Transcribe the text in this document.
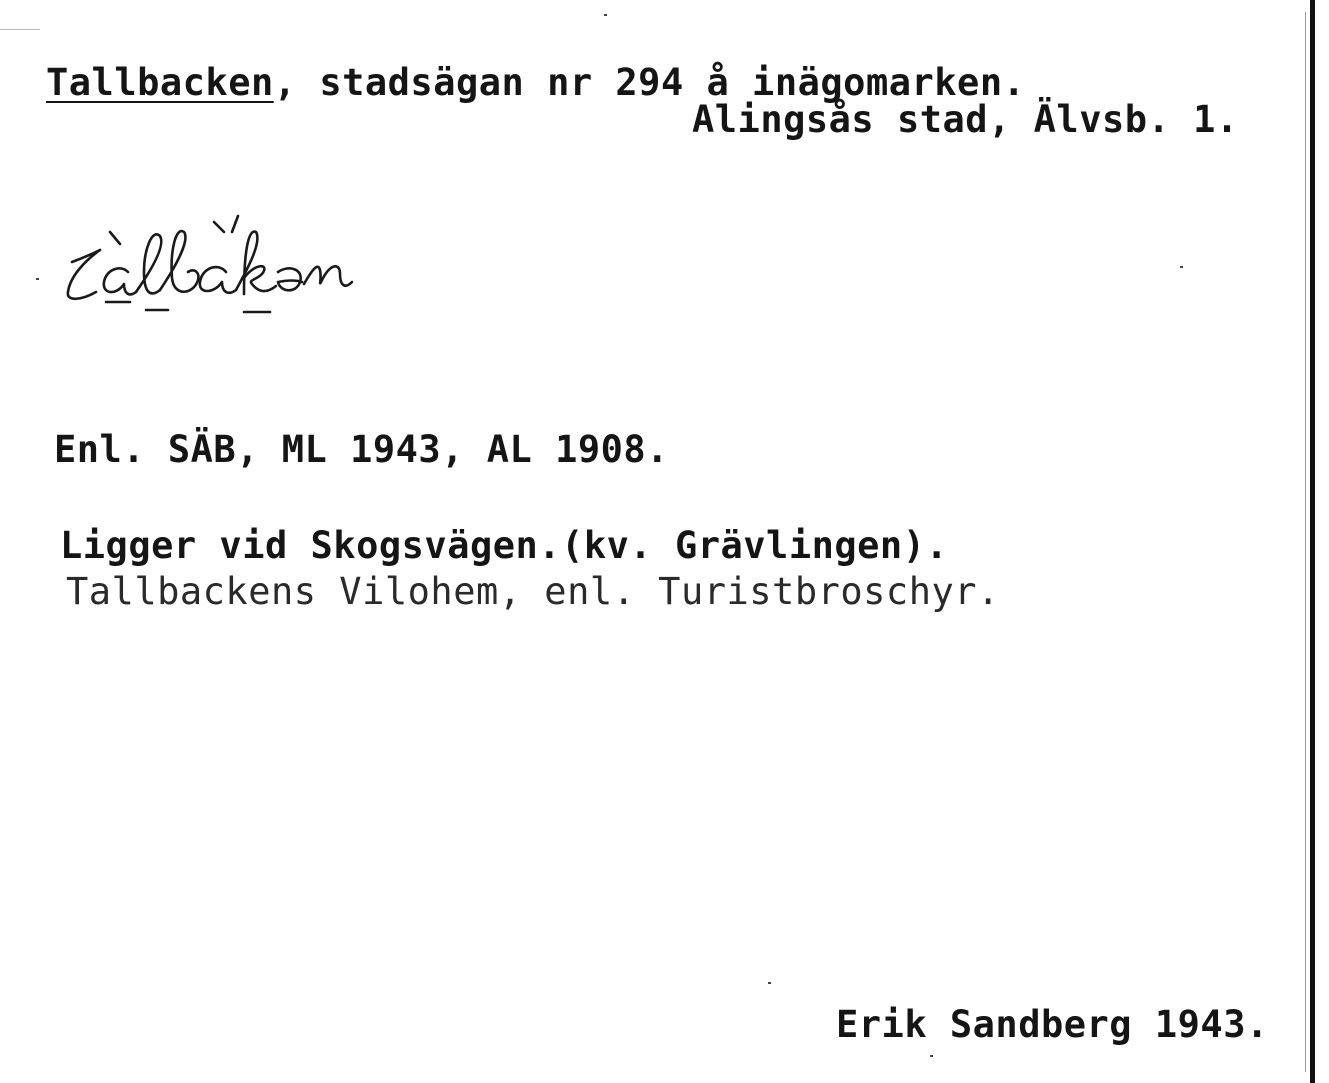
Tallbacken, stadsägan nr 294 å inägomarken.
Alingsås stad, Älvsb. 1.
Enl. SÄB, ML 1943, AL 1908.
Ligger vid Skogsvägen.(kv. Grävlingen).
Tallbackens Vilohem, enl. Turistbroschyr.
Erik Sandberg 1943.
